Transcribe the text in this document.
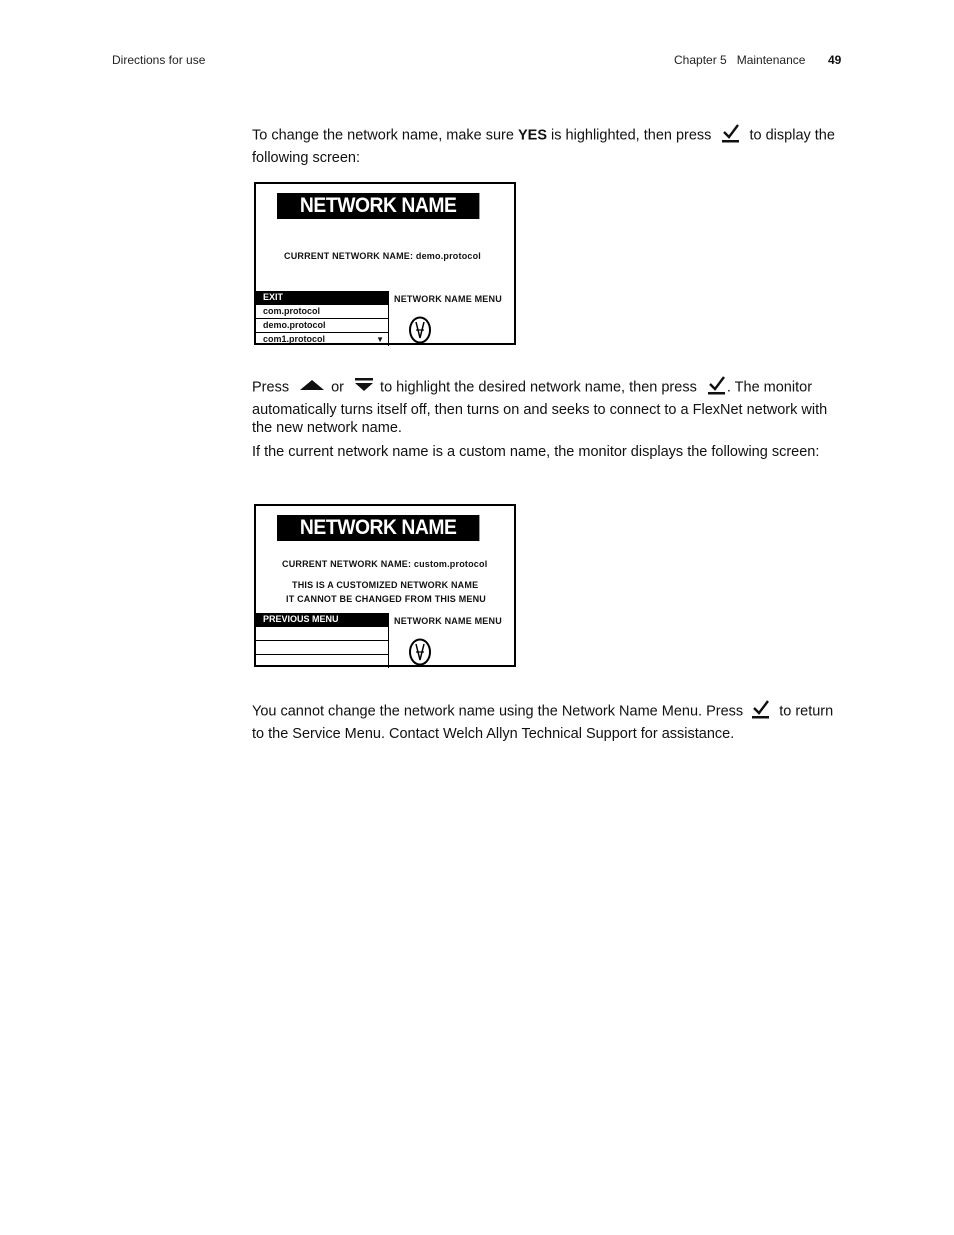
Directions for use	Chapter 5 Maintenance 49
To change the network name, make sure YES is highlighted, then press  to display the following screen:
NETWORK NAME MENU
CURRENT NETWORK NAME: demo.protocol
EXIT
com.protocol
demo.protocol
com1.protocol	▼
NETWORK NAME MENU
Press	or to highlight the desired network name, then press . The monitor automatically turns itself off, then turns on and seeks to connect to a FlexNet network with the new network name.
If the current network name is a custom name, the monitor displays the following screen:
NETWORK NAME MENU
CURRENT NETWORK NAME: custom.protocol
THIS IS A CUSTOMIZED NETWORK NAME
IT CANNOT BE CHANGED FROM THIS MENU
PREVIOUS MENU	NETWORK NAME MENU
You cannot change the network name using the Network Name Menu. Press  to return to the Service Menu. Contact Welch Allyn Technical Support for assistance.
